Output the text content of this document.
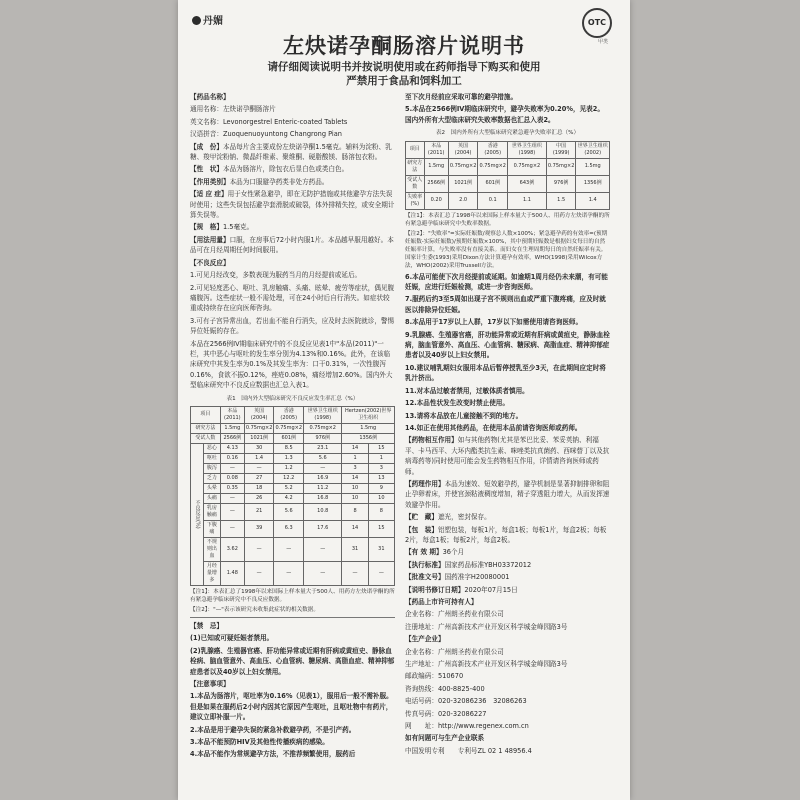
丹媚	OTC
甲类
左炔诺孕酮肠溶片说明书
请仔细阅读说明书并按说明使用或在药师指导下购买和使用
严禁用于食品和饲料加工

【药品名称】

通用名称：左炔诺孕酮肠溶片

英文名称：Levonorgestrel Enteric-coated Tablets

汉语拼音：Zuoquenuoyuntong Changrong Pian

【成　份】本品每片含主要成份左炔诺孕酮1.5毫克。辅料为淀粉、乳糖、羧甲淀粉钠、微晶纤维素、聚维酮、硬脂酸镁、肠溶包衣粉。

【性　状】本品为肠溶片，除包衣后显白色或类白色。

【作用类别】本品为口服避孕药类非处方药品。

【适 应 症】用于女性紧急避孕，即在无防护措施或其他避孕方法失误时使用；这些失误包括避孕套滑脱或破裂，体外排精失控，或安全期计算失误等。

【规　格】1.5毫克。

【用法用量】口服，在房事后72小时内服1片。本品越早服用越好。本品可在月经周期任何时间服用。

【不良反应】

1.可见月经改变，多数表现为服药当月的月经提前或延后。

2.可见轻度恶心、呕吐、乳房触痛、头痛、眩晕、疲劳等症状，偶见腹痛腹泻。这些症状一般不需处理，可在24小时后自行消失。如症状较重或持续存在应向医师咨询。

3.可有子宫异常出血，若出血不能自行消失，应及时去医院就诊，警惕异位妊娠的存在。

本品在2566例IV期临床研究中的不良反应见表1中"本品(2011)"一栏，其中恶心与呕吐的发生率分别为4.13%和0.16%。此外，在该临床研究中其发生率为0.1%及其发生率为：口干0.31%，一次性腹泻0.16%，食欲不振0.12%，痤疮0.08%，痛经增加2.60%。国内外大型临床研究中不良反应数据也汇总入表1。

表1　国内外大型临床研究不良反应发生率汇总（%）
项目		本品(2011)	英国(2004)	香港(2005)	世界卫生组织(1998)	Hertzen(2002)世界卫生组织	
研究方法		1.5mg	0.75mg×2	0.75mg×2	0.75mg×2	1.5mg	
受试人数		2566例	1021例	601例	976例	1356例	
不良反应(%)	恶心	4.13	30	8.5	23.1	14	15
	呕吐	0.16	1.4	1.3	5.6	1	1
	腹泻	—	—	1.2	—	3	3
	乏力	0.08	27	12.2	16.9	14	13
	头晕	0.35	18	5.2	11.2	10	9
	头痛	—	26	4.2	16.8	10	10
	乳房触痛	—	21	5.6	10.8	8	8
	下腹痛	—	39	6.3	17.6	14	15
	不规则出血	3.62	—	—	—	31	31
	月经量增多	1.48	—	—	—	—	—

【注1】：本表汇总了1998年以来国际上样本量大于500人、用药方左炔诺孕酮的所有紧急避孕临床研究中不良反应数据。

【注2】："—"表示该研究未收集此症状的相关数据。

【禁　忌】

(1)已知或可疑妊娠者禁用。

(2)乳腺癌、生殖器官癌、肝功能异常或近期有肝病或黄疸史、静脉血栓病、脑血管意外、高血压、心血管病、糖尿病、高脂血症、精神抑郁症患者以及40岁以上妇女禁用。

【注意事项】

1.本品为肠溶片，呕吐率为0.16%（见表1），服用后一般不需补服。但是如果在服药后2小时内因其它原因产生呕吐，且呕吐物中有药片，建议立即补服一片。

2.本品是用于避孕失误的紧急补救避孕药，不是引产药。

3.本品不能预防HIV及其他性传播疾病的感染。

4.本品不能作为常规避孕方法，不推荐频繁使用，服药后

至下次月经前应采取可靠的避孕措施。

5.本品在2566例IV期临床研究中，避孕失败率为0.20%，见表2。国内外所有大型临床研究失败率数据也汇总入表2。

表2　国内外所有大型临床研究紧急避孕失败率汇总（%）
项目	本品(2011)	英国(2004)	香港(2005)	世界卫生组织(1998)	中国(1999)	世界卫生组织(2002)
研究方法	1.5mg	0.75mg×2	0.75mg×2	0.75mg×2	0.75mg×2	1.5mg
受试人数	2566例	1021例	601例	643例	976例	1356例
失败率(%)	0.20	2.0	0.1	1.1	1.5	1.4

【注1】：本表汇总了1998年以来国际上样本量大于500人、用药方左炔诺孕酮的所有紧急避孕临床研究中失败率数据。

【注2】："失败率"=实际妊娠数/观察总人数×100%；紧急避孕药的有效率=(预期妊娠数-实际妊娠数)/预期妊娠数×100%，其中预期妊娠数是根据妇女每日的自然妊娠率计算，与失败率没有直接关系。而妇女在生理周期每日的自然妊娠率有关。国家计生委(1993)采用Dixon方法计算避孕有效率，WHO(1998)采用Wilcox方法，WHO(2002)采用Trussell方法。

6.本品可能使下次月经提前或延期。如逾期1周月经仍未来潮，有可能妊娠，应进行妊娠检测，或进一步咨询医师。

7.服药后约3至5周如出现子宫不规则出血或严重下腹疼痛，应及时就医以排除异位妊娠。

8.本品用于17岁以上人群，17岁以下如需使用请咨询医师。

9.乳腺癌、生殖器官癌，肝功能异常或近期有肝病或黄疸史，静脉血栓病，脑血管意外、高血压、心血管病、糖尿病、高脂血症、精神抑郁症患者以及40岁以上妇女禁用。

10.建议哺乳期妇女服用本品后暂停授乳至少3天，在此期间应定时将乳汁挤出。

11.对本品过敏者禁用，过敏体质者慎用。

12.本品性状发生改变时禁止使用。

13.请将本品放在儿童接触不到的地方。

14.如正在使用其他药品，在使用本品前请咨询医师或药师。

【药物相互作用】如与其他药物(尤其是苯巴比妥、苯妥英钠、利福平、卡马西平、大环内酯类抗生素、咪唑类抗真菌药、西咪替丁以及抗病毒药等)同时使用可能会发生药物相互作用，详情请咨询医师或药师。

【药理作用】本品为速效、短效避孕药，避孕机制是显著抑制排卵和阻止孕卵着床，并使宫颈粘液稠度增加，精子穿透阻力增大，从而发挥速效避孕作用。

【贮　藏】遮光，密封保存。

【包　装】铝塑包装，每板1片，每盒1板；每板1片，每盒2板；每板2片，每盒1板；每板2片，每盒2板。

【有 效 期】36个月

【执行标准】国家药品标准YBH03372012

【批准文号】国药准字H20080001

【说明书修订日期】2020年07月15日

【药品上市许可持有人】

企业名称：广州朗圣药业有限公司

注册地址：广州高新技术产业开发区科学城金峰园路3号

【生产企业】

企业名称：广州朗圣药业有限公司

生产地址：广州高新技术产业开发区科学城金峰园路3号

邮政编码：510670

咨询热线：400-8825-400

电话号码：020-32086236　32086263

传真号码：020-32086227

网　　址：http://www.regenex.com.cn

如有问题可与生产企业联系

中国发明专利　　专利号ZL 02 1 48956.4
